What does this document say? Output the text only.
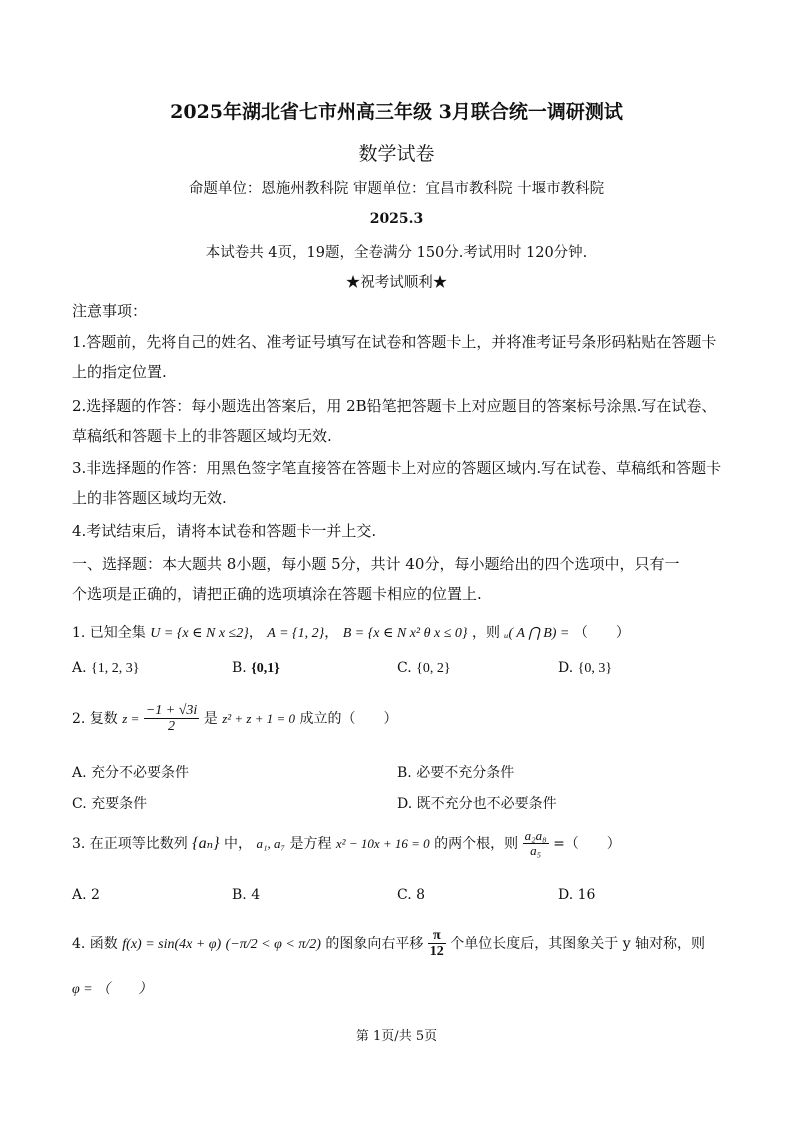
2025年湖北省七市州高三年级 3月联合统一调研测试
数学试卷
命题单位：恩施州教科院 审题单位：宜昌市教科院 十堰市教科院
2025.3
本试卷共 4页，19题，全卷满分 150分.考试用时 120分钟.
★祝考试顺利★
注意事项：
1.答题前，先将自己的姓名、准考证号填写在试卷和答题卡上，并将准考证号条形码粘贴在答题卡上的指定位置.
2.选择题的作答：每小题选出答案后，用 2B铅笔把答题卡上对应题目的答案标号涂黑.写在试卷、草稿纸和答题卡上的非答题区域均无效.
3.非选择题的作答：用黑色签字笔直接答在答题卡上对应的答题区域内.写在试卷、草稿纸和答题卡上的非答题区域均无效.
4.考试结束后，请将本试卷和答题卡一并上交.
一、选择题：本大题共 8小题，每小题 5分，共计 40分，每小题给出的四个选项中，只有一
个选项是正确的，请把正确的选项填涂在答题卡相应的位置上.
1. 已知全集 U = {x ∈ N x ≤2}， A = {1, 2}， B = {x ∈ N x² θ x ≤ 0} ，则 ᵤ( A ⋂ B) = （　　）
A. {1, 2, 3}	B. {0,1}	C. {0, 2}	D. {0, 3}
2. 复数 $z = \frac{-1 + √3i}{2}$ 是 z² + z + 1 = 0 成立的（　　）
A. 充分不必要条件	B. 必要不充分条件
C. 充要条件	D. 既不充分也不必要条件
3. 在正项等比数列 {aₙ} 中， a₁, a₇ 是方程 x² − 10x + 16 = 0 的两个根，则 $\frac{\text{a₂a₈}}{\text{a₅}}$ =（　　）
A. 2	B. 4	C. 8	D. 16
4. 函数 f(x) = sin(4x + φ) (−π/2 < φ < π/2) 的图象向右平移 $\frac{\pi}{12}$ 个单位长度后，其图象关于 y 轴对称，则
φ = （　　）
第 1页/共 5页
